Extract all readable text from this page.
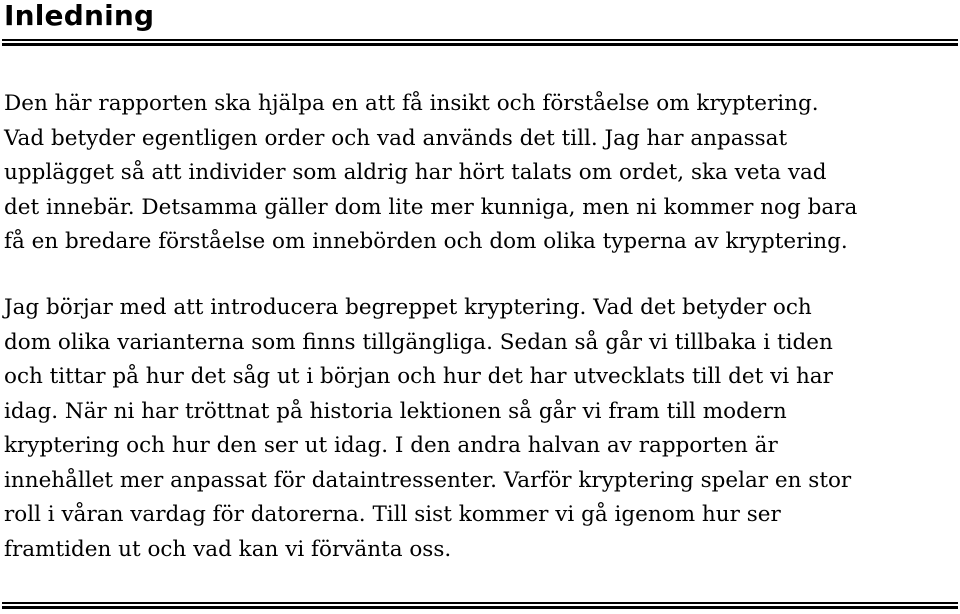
Inledning

Den här rapporten ska hjälpa en att få insikt och förståelse om kryptering.
Vad betyder egentligen order och vad används det till. Jag har anpassat
upplägget så att individer som aldrig har hört talats om ordet, ska veta vad
det innebär. Detsamma gäller dom lite mer kunniga, men ni kommer nog bara
få en bredare förståelse om innebörden och dom olika typerna av kryptering.

Jag börjar med att introducera begreppet kryptering. Vad det betyder och
dom olika varianterna som finns tillgängliga. Sedan så går vi tillbaka i tiden
och tittar på hur det såg ut i början och hur det har utvecklats till det vi har
idag. När ni har tröttnat på historia lektionen så går vi fram till modern
kryptering och hur den ser ut idag. I den andra halvan av rapporten är
innehållet mer anpassat för dataintressenter. Varför kryptering spelar en stor
roll i våran vardag för datorerna. Till sist kommer vi gå igenom hur ser
framtiden ut och vad kan vi förvänta oss.
